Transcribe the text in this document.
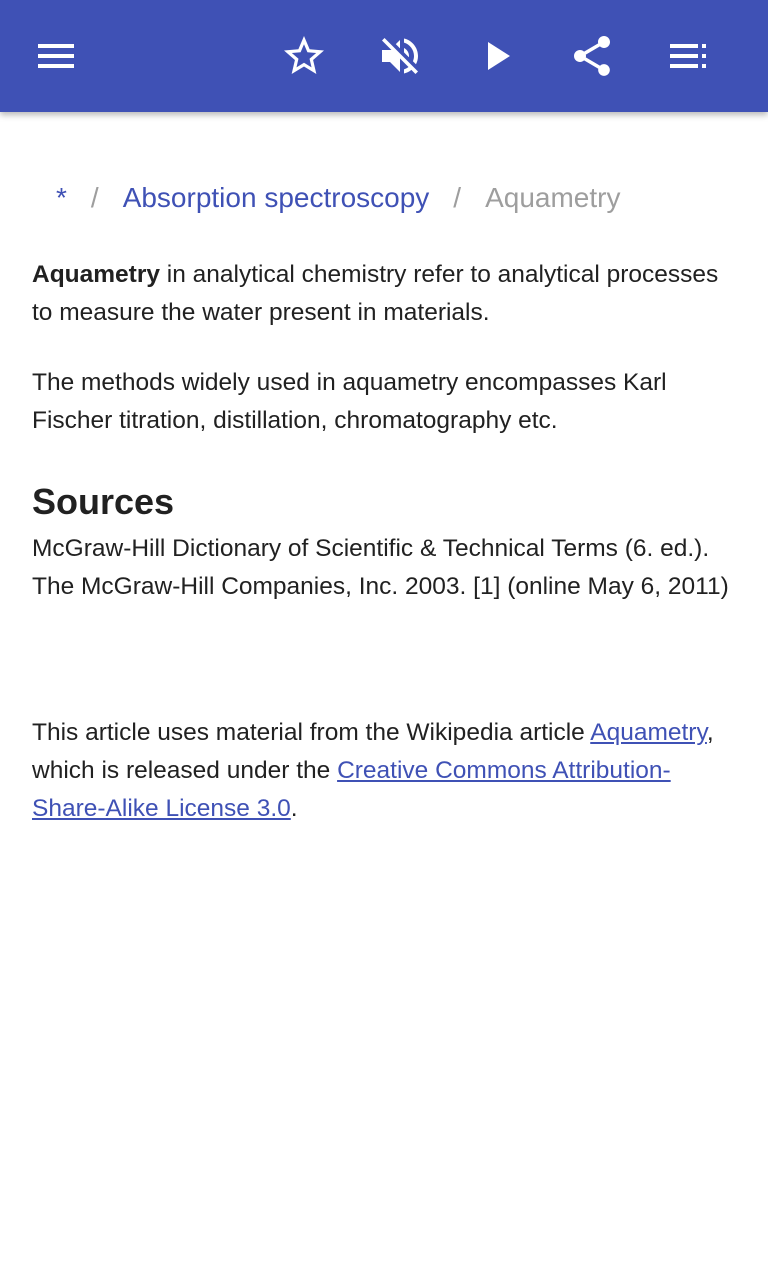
* / Absorption spectroscopy / Aquametry

Aquametry in analytical chemistry refer to analytical processes to measure the water present in materials.

The methods widely used in aquametry encompasses Karl Fischer titration, distillation, chromatography etc.

Sources

McGraw-Hill Dictionary of Scientific & Technical Terms (6. ed.). The McGraw-Hill Companies, Inc. 2003. [1] (online May 6, 2011)

This article uses material from the Wikipedia article Aquametry, which is released under the Creative Commons Attribution-Share-Alike License 3.0.
